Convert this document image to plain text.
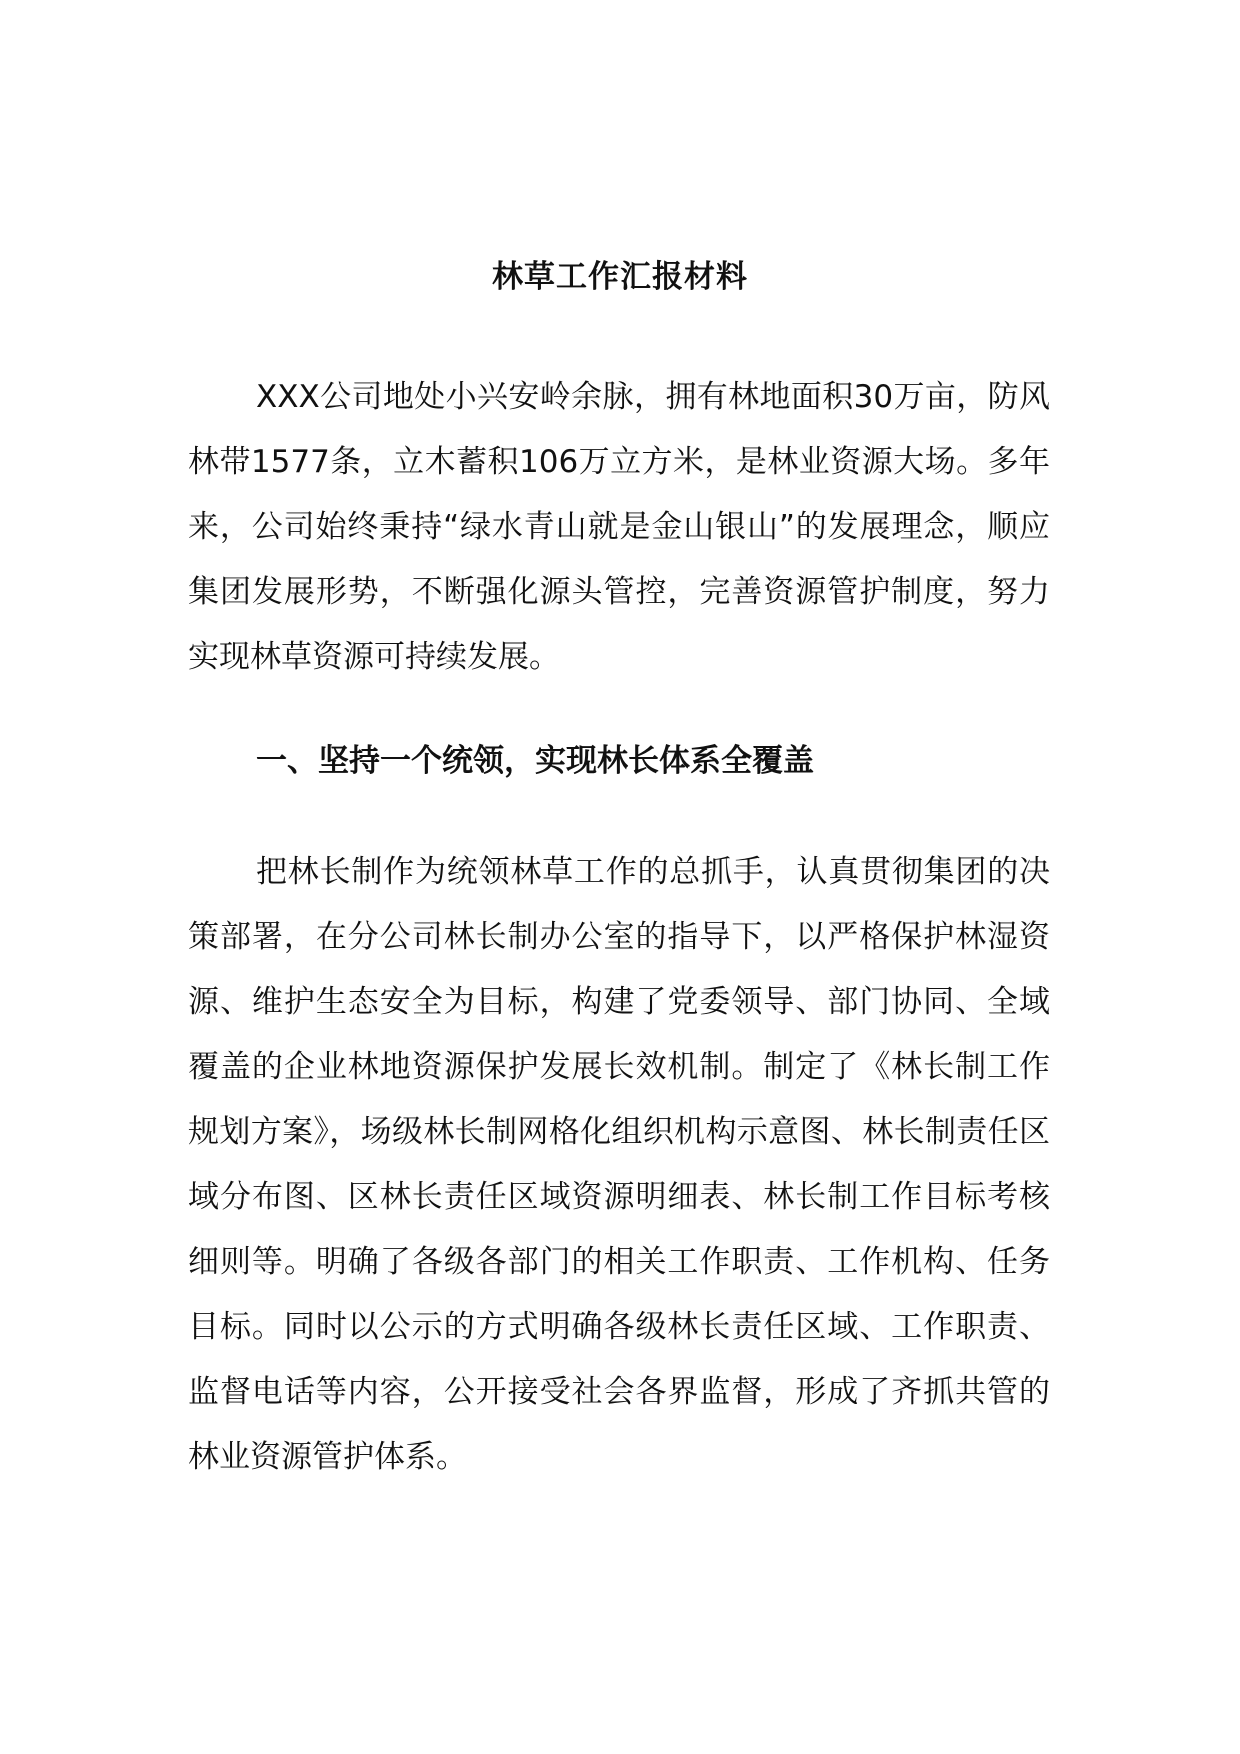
林草工作汇报材料

XXX公司地处小兴安岭余脉，拥有林地面积30万亩，防风林带1577条，立木蓄积106万立方米，是林业资源大场。多年来，公司始终秉持“绿水青山就是金山银山”的发展理念，顺应集团发展形势，不断强化源头管控，完善资源管护制度，努力实现林草资源可持续发展。

一、坚持一个统领，实现林长体系全覆盖

把林长制作为统领林草工作的总抓手，认真贯彻集团的决策部署，在分公司林长制办公室的指导下，以严格保护林湿资源、维护生态安全为目标，构建了党委领导、部门协同、全域覆盖的企业林地资源保护发展长效机制。制定了《林长制工作规划方案》，场级林长制网格化组织机构示意图、林长制责任区域分布图、区林长责任区域资源明细表、林长制工作目标考核细则等。明确了各级各部门的相关工作职责、工作机构、任务目标。同时以公示的方式明确各级林长责任区域、工作职责、监督电话等内容，公开接受社会各界监督，形成了齐抓共管的林业资源管护体系。
